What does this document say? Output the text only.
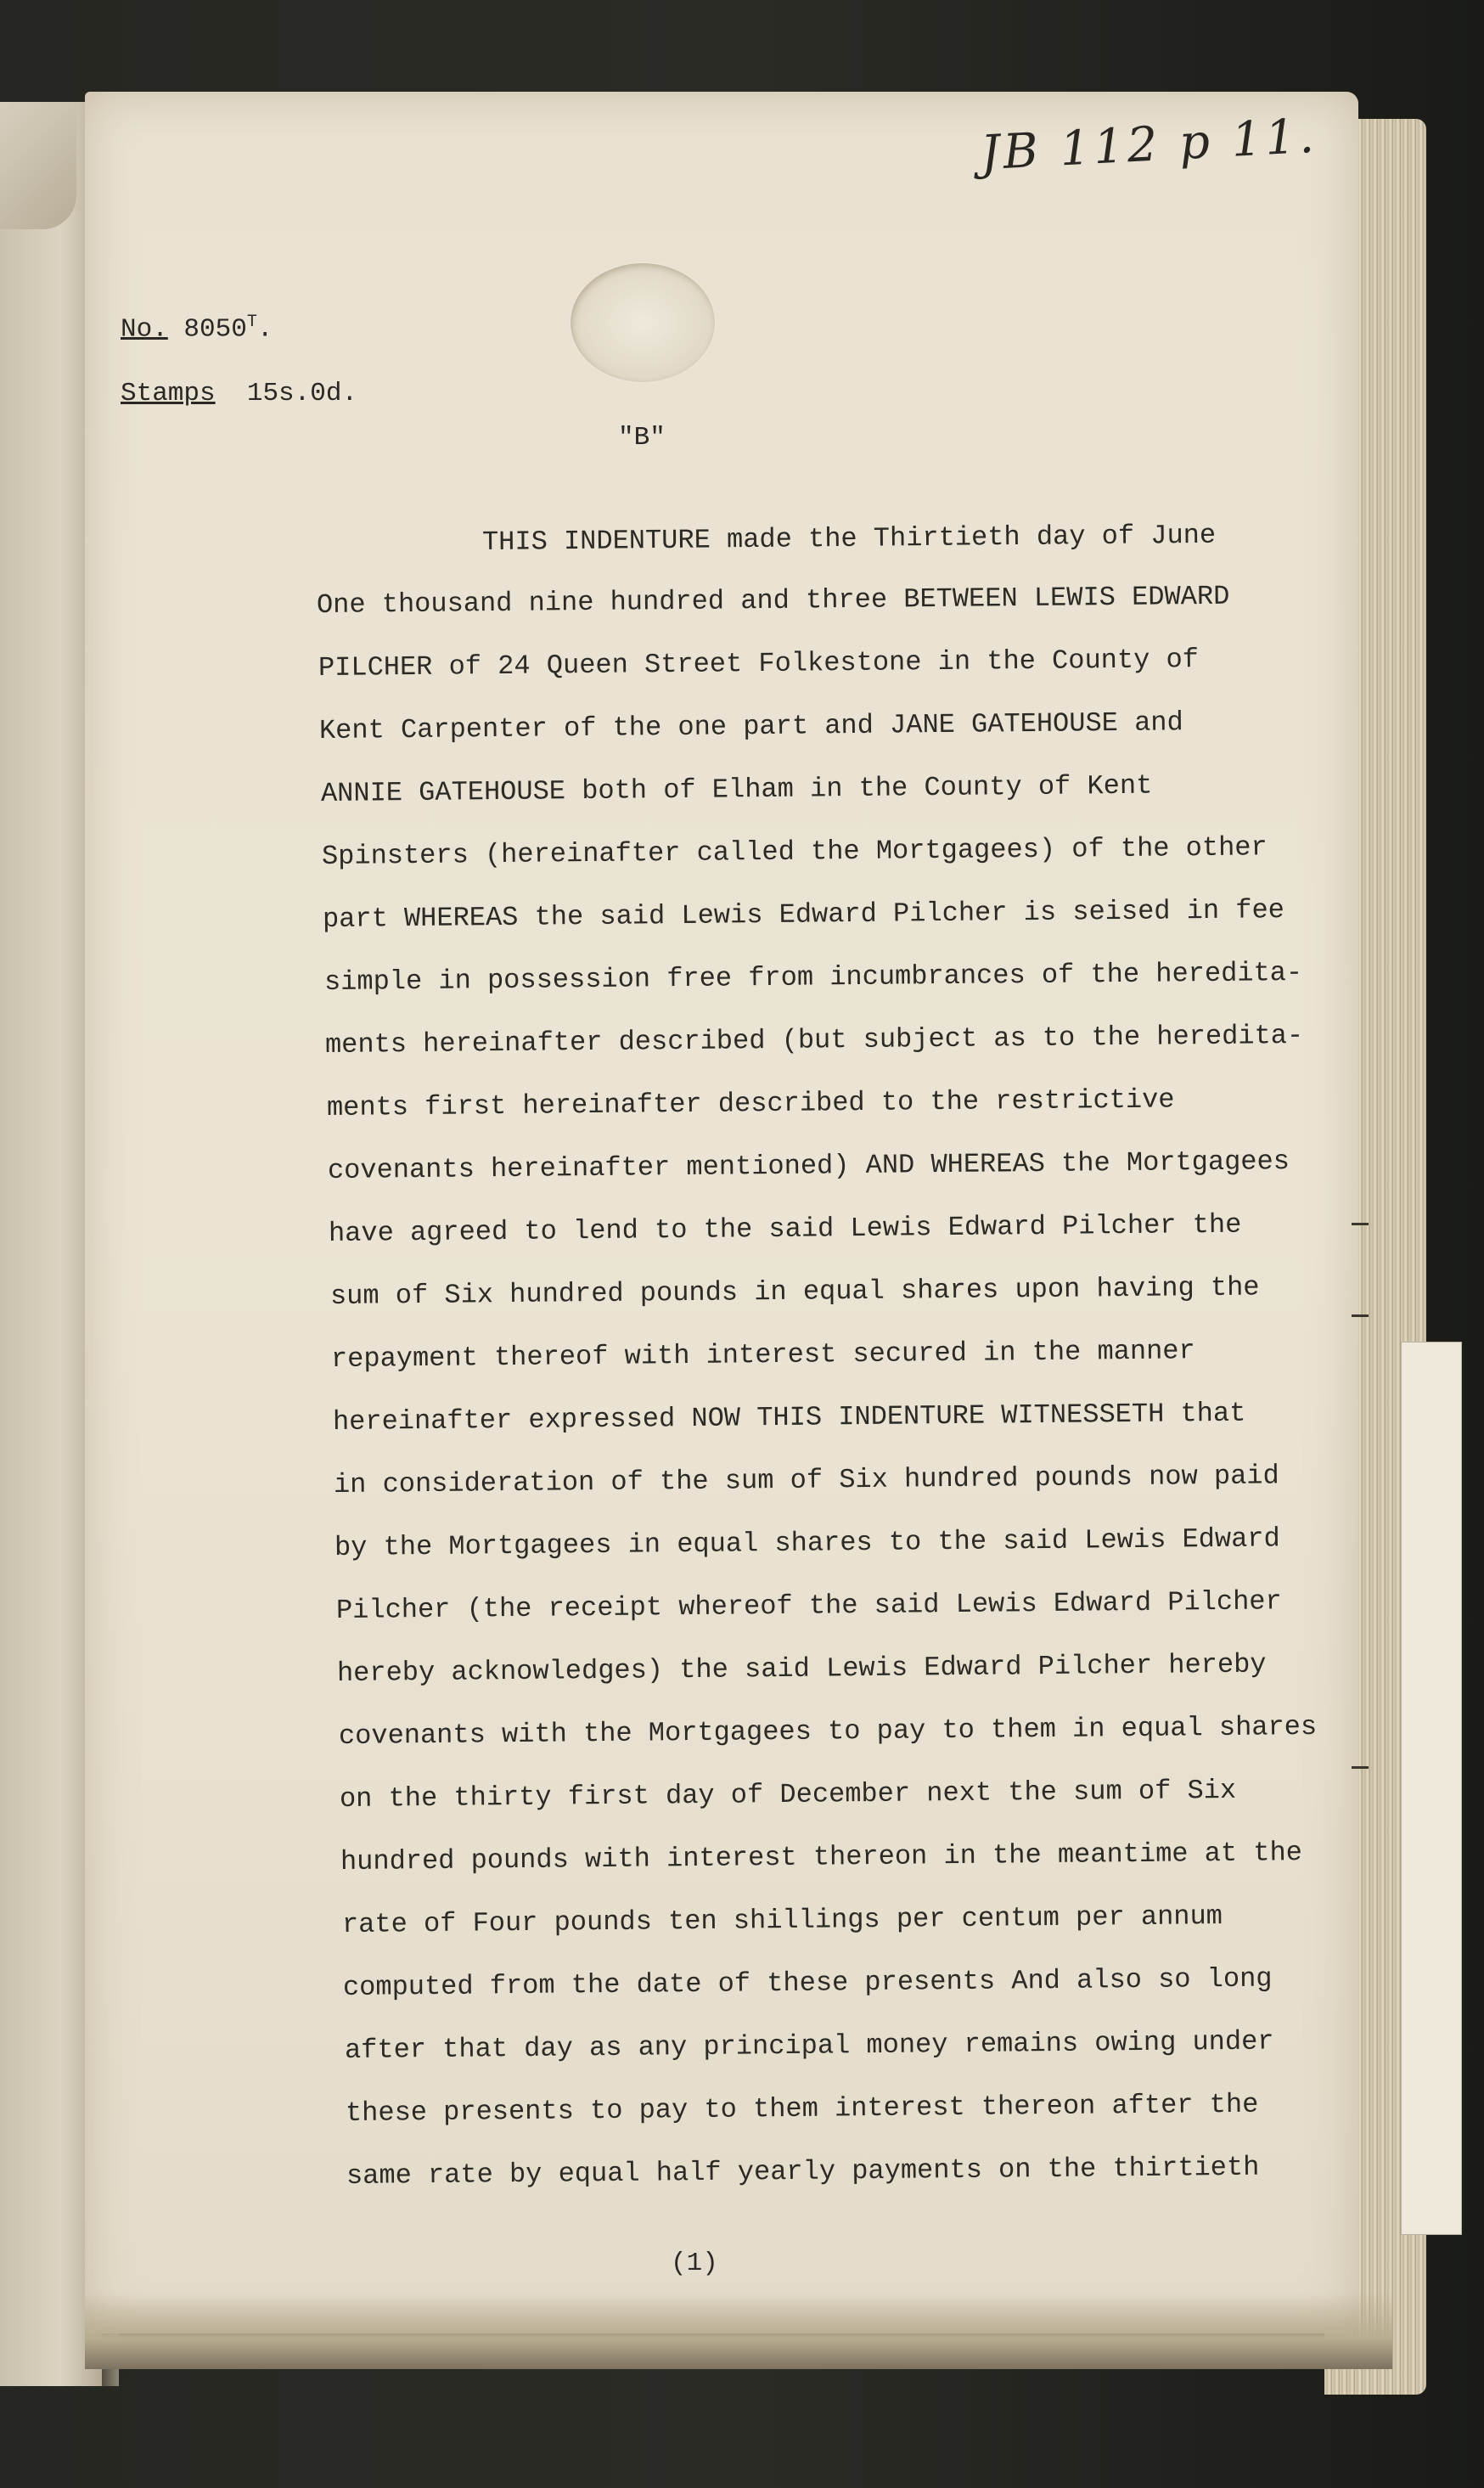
JB 112 p 11.
No. $8050^T$.
Stamps 15s.0d.
"B"
THIS INDENTURE made the Thirtieth day of June
One thousand nine hundred and three BETWEEN LEWIS EDWARD
PILCHER of 24 Queen Street Folkestone in the County of
Kent Carpenter of the one part and JANE GATEHOUSE and
ANNIE GATEHOUSE both of Elham in the County of Kent
Spinsters (hereinafter called the Mortgagees) of the other
part WHEREAS the said Lewis Edward Pilcher is seised in fee
simple in possession free from incumbrances of the heredita-
ments hereinafter described (but subject as to the heredita-
ments first hereinafter described to the restrictive
covenants hereinafter mentioned) AND WHEREAS the Mortgagees
have agreed to lend to the said Lewis Edward Pilcher the
sum of Six hundred pounds in equal shares upon having the
repayment thereof with interest secured in the manner
hereinafter expressed NOW THIS INDENTURE WITNESSETH that
in consideration of the sum of Six hundred pounds now paid
by the Mortgagees in equal shares to the said Lewis Edward
Pilcher (the receipt whereof the said Lewis Edward Pilcher
hereby acknowledges) the said Lewis Edward Pilcher hereby
covenants with the Mortgagees to pay to them in equal shares
on the thirty first day of December next the sum of Six
hundred pounds with interest thereon in the meantime at the
rate of Four pounds ten shillings per centum per annum
computed from the date of these presents And also so long
after that day as any principal money remains owing under
these presents to pay to them interest thereon after the
same rate by equal half yearly payments on the thirtieth
(1)
